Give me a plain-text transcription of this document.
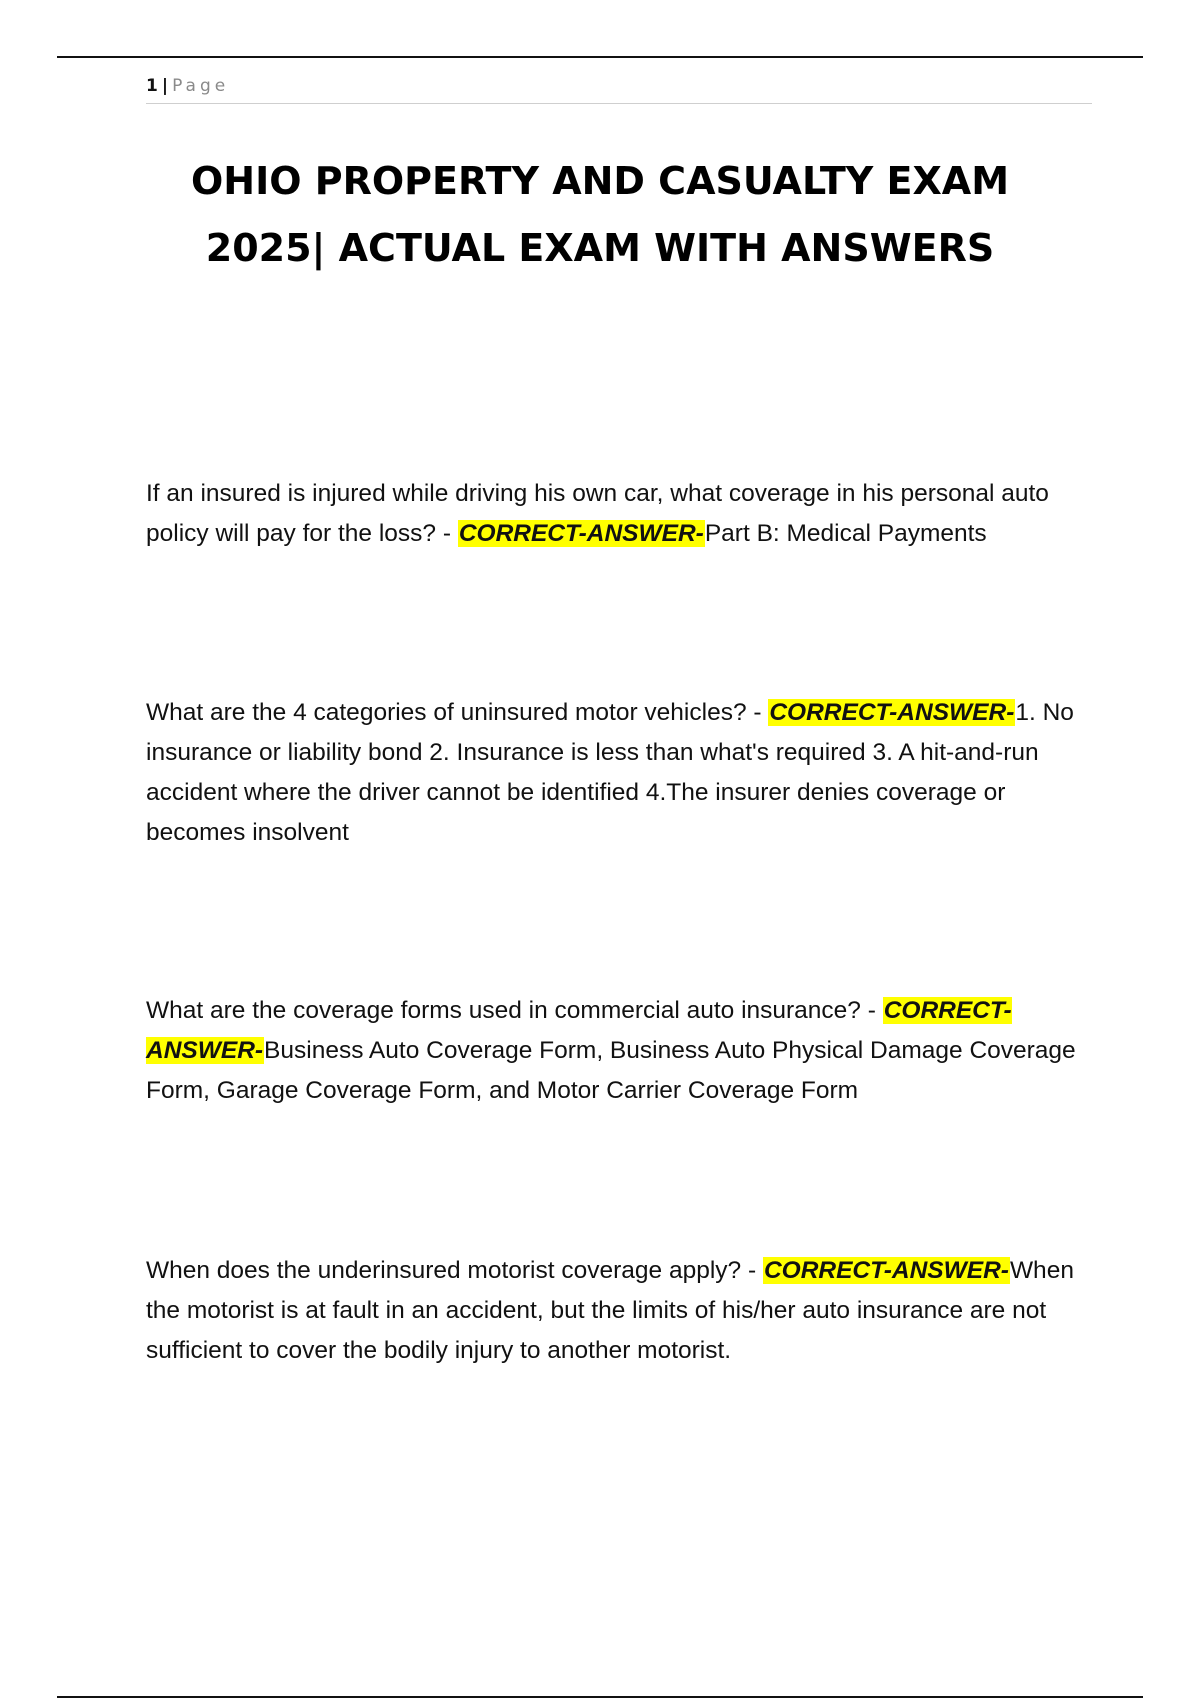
1 | Page
OHIO PROPERTY AND CASUALTY EXAM
2025| ACTUAL EXAM WITH ANSWERS

If an insured is injured while driving his own car, what coverage in his personal auto policy will pay for the loss? - CORRECT-ANSWER-Part B: Medical Payments

What are the 4 categories of uninsured motor vehicles? - CORRECT-ANSWER-1. No insurance or liability bond 2. Insurance is less than what's required 3. A hit-and-run accident where the driver cannot be identified 4.The insurer denies coverage or becomes insolvent

What are the coverage forms used in commercial auto insurance? - CORRECT-ANSWER-Business Auto Coverage Form, Business Auto Physical Damage Coverage Form, Garage Coverage Form, and Motor Carrier Coverage Form

When does the underinsured motorist coverage apply? - CORRECT-ANSWER-When the motorist is at fault in an accident, but the limits of his/her auto insurance are not sufficient to cover the bodily injury to another motorist.
